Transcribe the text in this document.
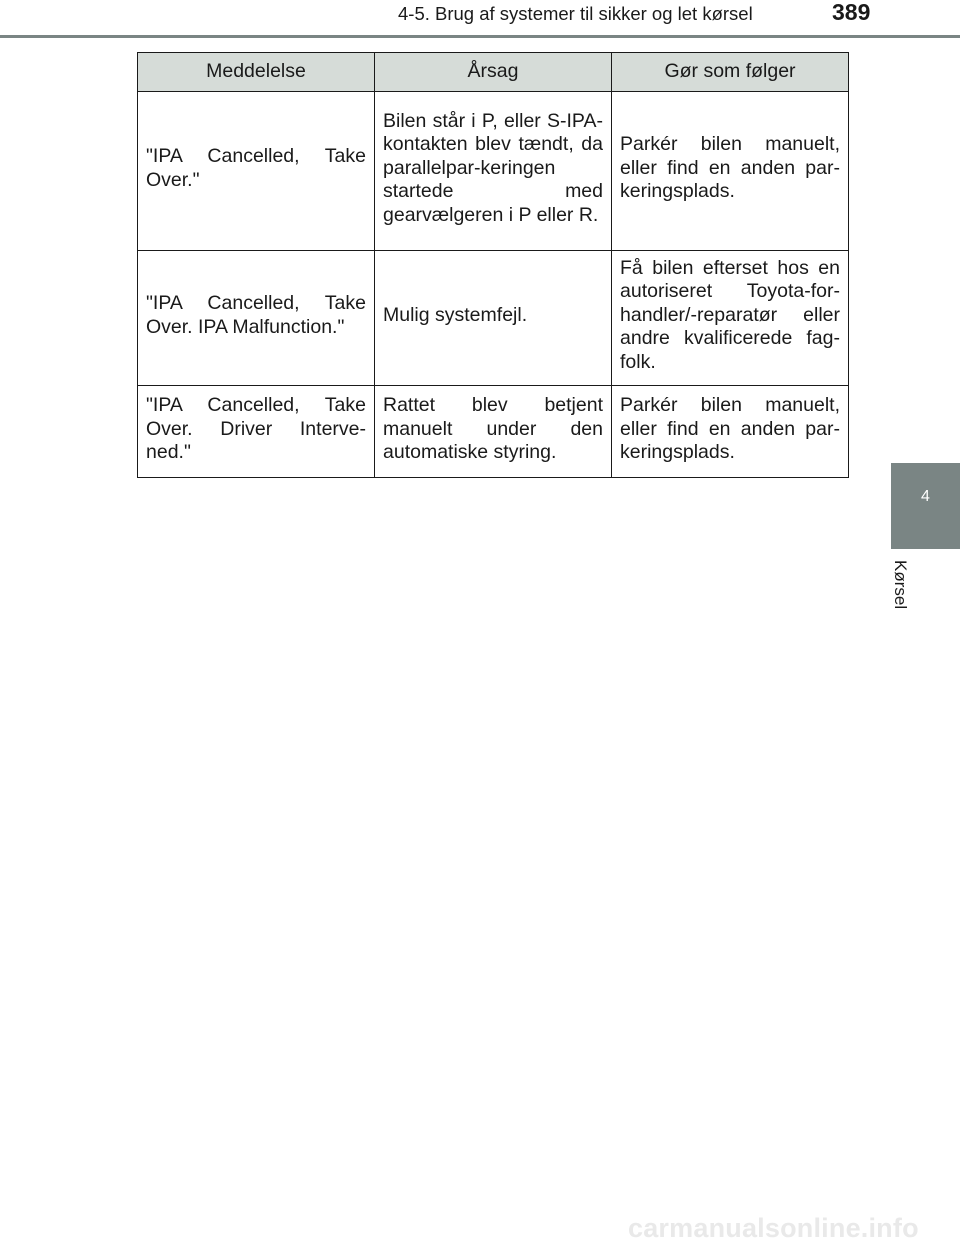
4-5. Brug af systemer til sikker og let kørsel	389
Meddelelse	Årsag	Gør som følger
"IPA Cancelled, Take Over."	Bilen står i P, eller S-IPA-kontakten blev tændt, da parallelpar-keringen startede med gearvælgeren i P eller R.	Parkér bilen manuelt, eller find en anden par-keringsplads.
"IPA Cancelled, Take Over. IPA Malfunction."	Mulig systemfejl.	Få bilen efterset hos en autoriseret Toyota-for-handler/-reparatør eller andre kvalificerede fag-folk.
"IPA Cancelled, Take Over. Driver Interve-ned."	Rattet blev betjent manuelt under den automatiske styring.	Parkér bilen manuelt, eller find en anden par-keringsplads.
4
Kørsel
carmanualsonline.info
